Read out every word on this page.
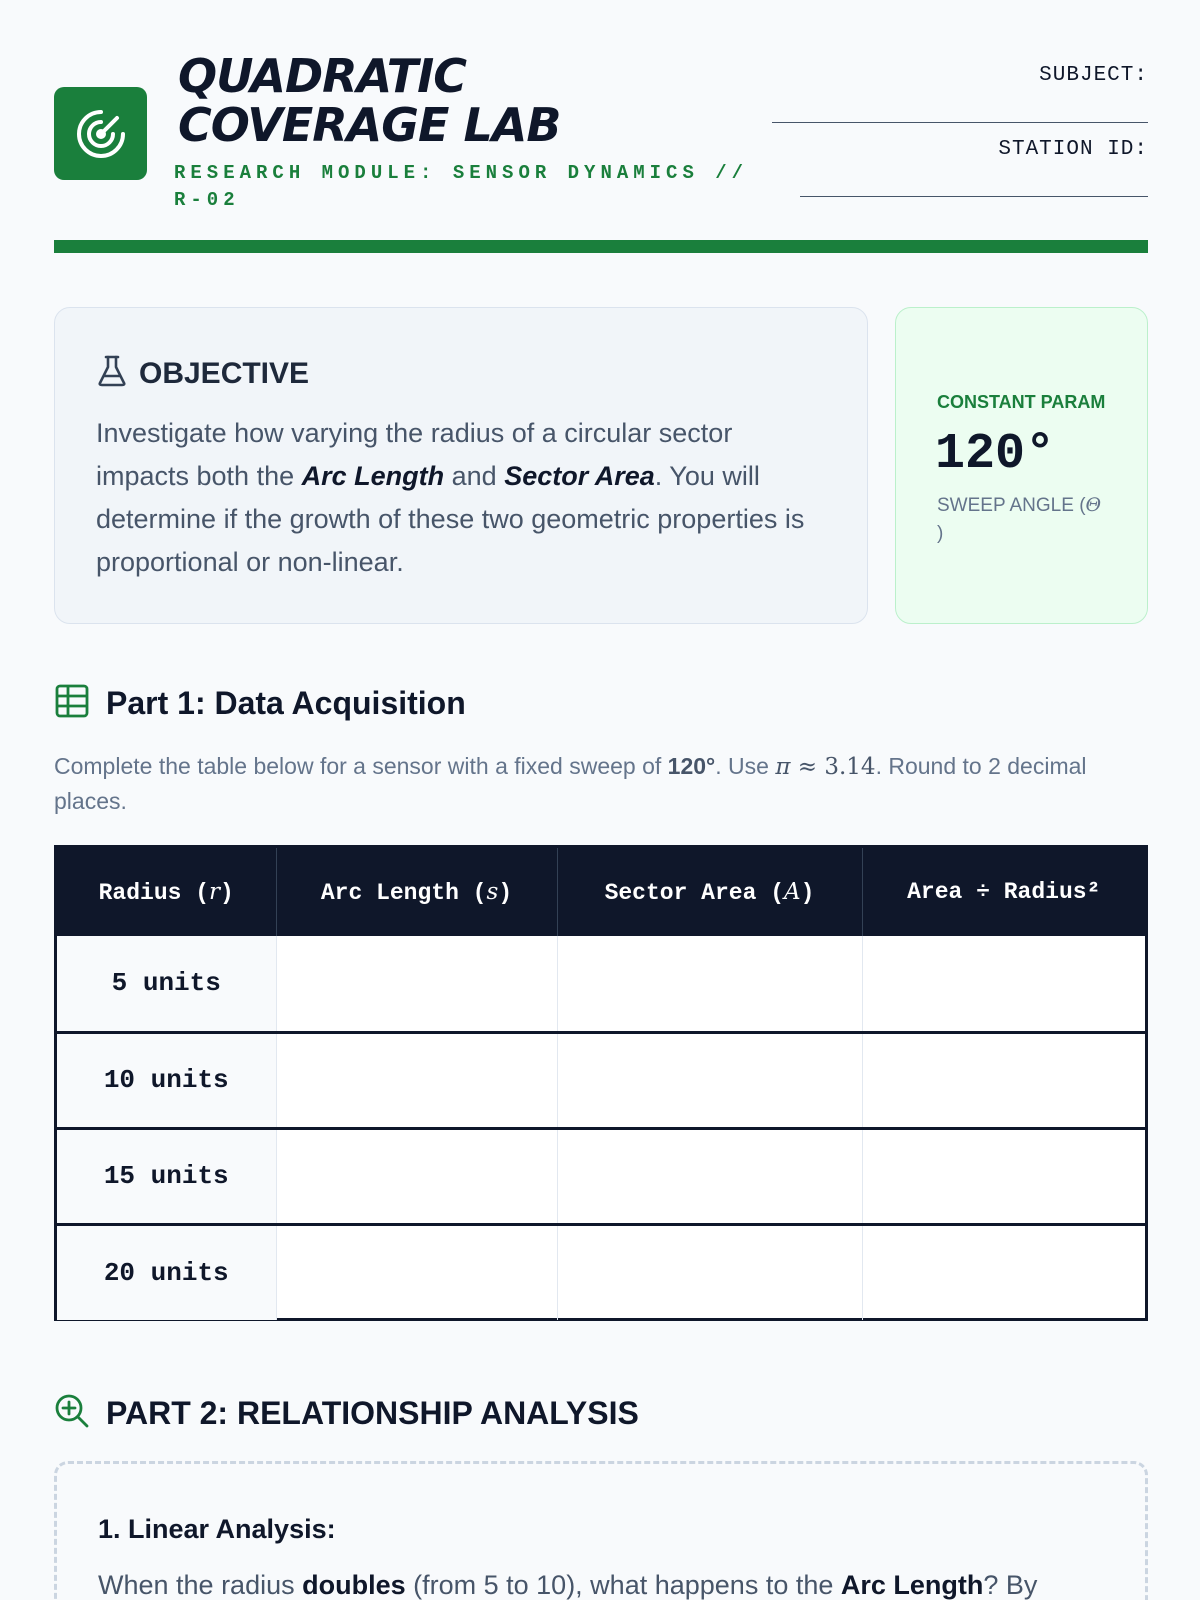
QUADRATIC
COVERAGE LAB
RESEARCH MODULE: SENSOR DYNAMICS // R-02
SUBJECT:
STATION ID:
OBJECTIVE

Investigate how varying the radius of a circular sector impacts both the Arc Length and Sector Area. You will determine if the growth of these two geometric properties is proportional or non-linear.

CONSTANT PARAM
120°
SWEEP ANGLE (Θ
)
Part 1: Data Acquisition

Complete the table below for a sensor with a fixed sweep of 120°. Use π ≈ 3.14. Round to 2 decimal places.

Radius (r)	Arc Length (s)	Sector Area (A)	Area ÷ Radius²
5 units			
10 units			
15 units			
20 units			
PART 2: RELATIONSHIP ANALYSIS
1. Linear Analysis:

When the radius doubles (from 5 to 10), what happens to the Arc Length? By
